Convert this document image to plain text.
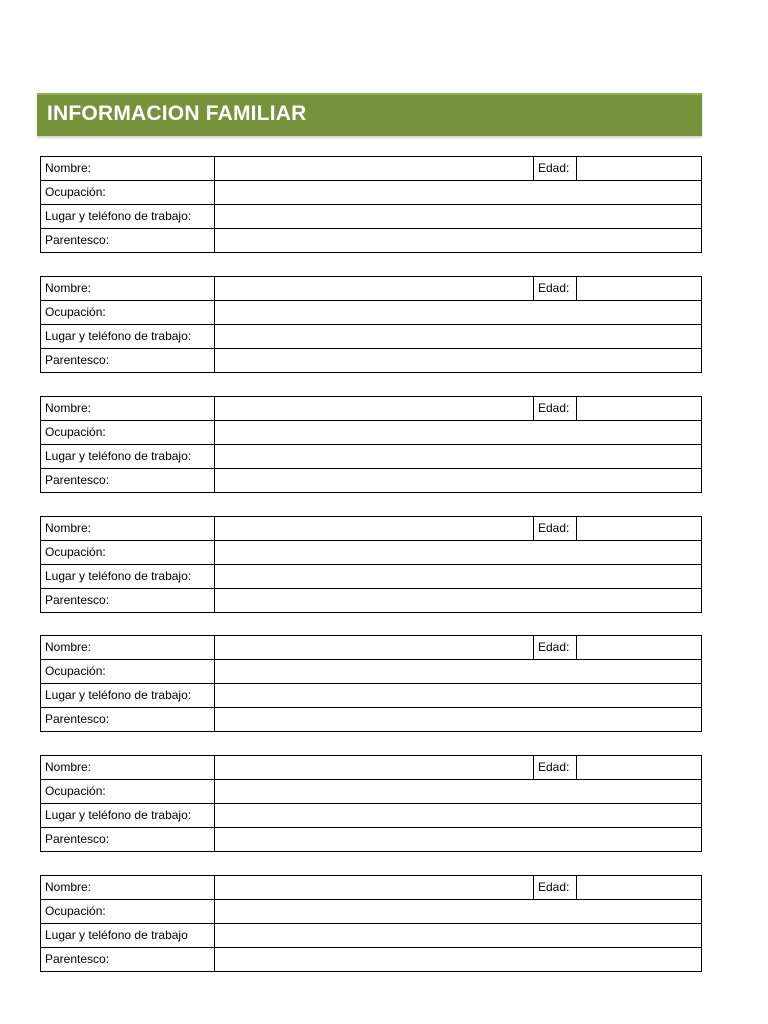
INFORMACION FAMILIAR
Nombre:		Edad:	
Ocupación:			
Lugar y teléfono de trabajo:			
Parentesco:			
Nombre:		Edad:	
Ocupación:			
Lugar y teléfono de trabajo:			
Parentesco:			
Nombre:		Edad:	
Ocupación:			
Lugar y teléfono de trabajo:			
Parentesco:			
Nombre:		Edad:	
Ocupación:			
Lugar y teléfono de trabajo:			
Parentesco:			
Nombre:		Edad:	
Ocupación:			
Lugar y teléfono de trabajo:			
Parentesco:			
Nombre:		Edad:	
Ocupación:			
Lugar y teléfono de trabajo:			
Parentesco:			
Nombre:		Edad:	
Ocupación:			
Lugar y teléfono de trabajo			
Parentesco:			
